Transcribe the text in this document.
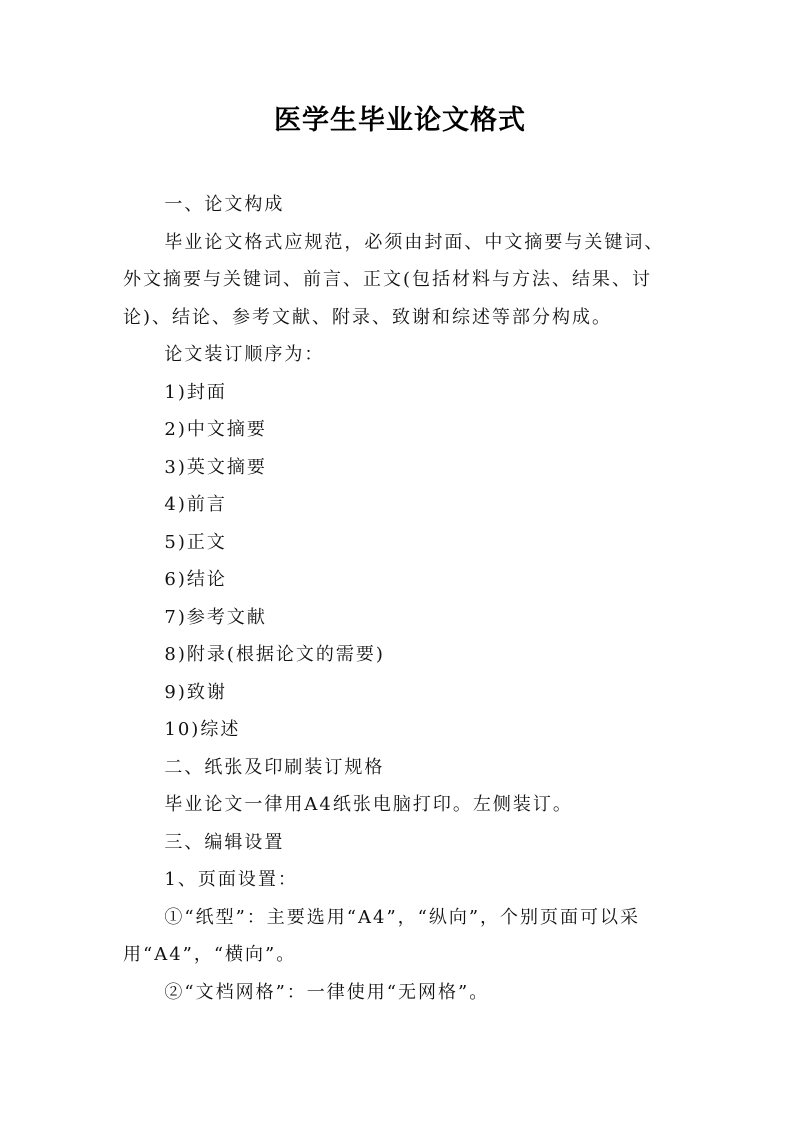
医学生毕业论文格式

一、论文构成

毕业论文格式应规范，必须由封面、中文摘要与关键词、外文摘要与关键词、前言、正文(包括材料与方法、结果、讨论)、结论、参考文献、附录、致谢和综述等部分构成。

论文装订顺序为：

1)封面

2)中文摘要

3)英文摘要

4)前言

5)正文

6)结论

7)参考文献

8)附录(根据论文的需要)

9)致谢

10)综述

二、纸张及印刷装订规格

毕业论文一律用A4纸张电脑打印。左侧装订。

三、编辑设置

1、页面设置：

①“纸型”：主要选用“A4”，“纵向”，个别页面可以采用“A4”，“横向”。

②“文档网格”：一律使用“无网格”。
